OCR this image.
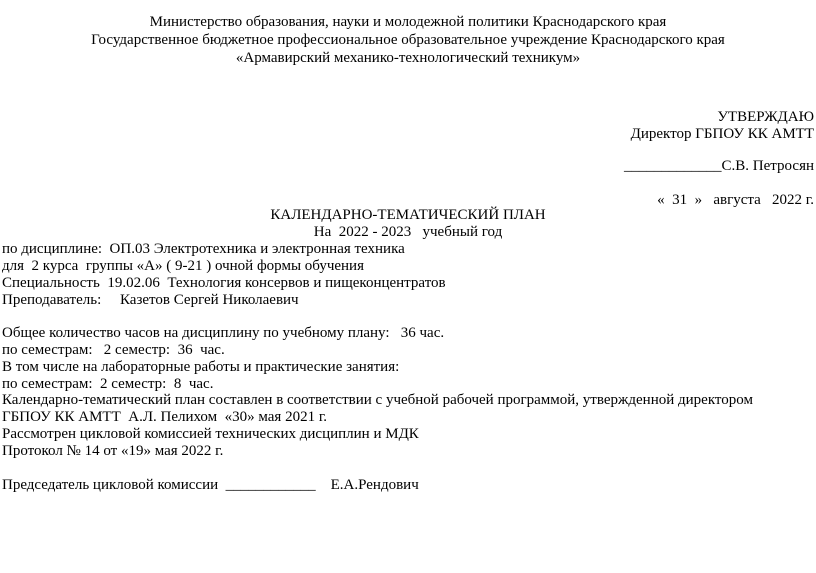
Министерство образования, науки и молодежной политики Краснодарского края
Государственное бюджетное профессиональное образовательное учреждение Краснодарского края
«Армавирский механико-технологический техникум»
УТВЕРЖДАЮ
Директор ГБПОУ КК АМТТ
_____________С.В. Петросян
«  31  »   августа   2022 г.
КАЛЕНДАРНО-ТЕМАТИЧЕСКИЙ ПЛАН
На  2022 - 2023   учебный год
по дисциплине:  ОП.03 Электротехника и электронная техника
для  2 курса  группы «А» ( 9-21 ) очной формы обучения
Специальность  19.02.06  Технология консервов и пищеконцентратов
Преподаватель:     Казетов Сергей Николаевич
Общее количество часов на дисциплину по учебному плану:   36 час.
по семестрам:   2 семестр:  36  час.
В том числе на лабораторные работы и практические занятия:
по семестрам:  2 семестр:  8  час.
Календарно-тематический план составлен в соответствии с учебной рабочей программой, утвержденной директором
ГБПОУ КК АМТТ  А.Л. Пелихом  «30» мая 2021 г.
Рассмотрен цикловой комиссией технических дисциплин и МДК
Протокол № 14 от «19» мая 2022 г.
Председатель цикловой комиссии  ____________    Е.А.Рендович
